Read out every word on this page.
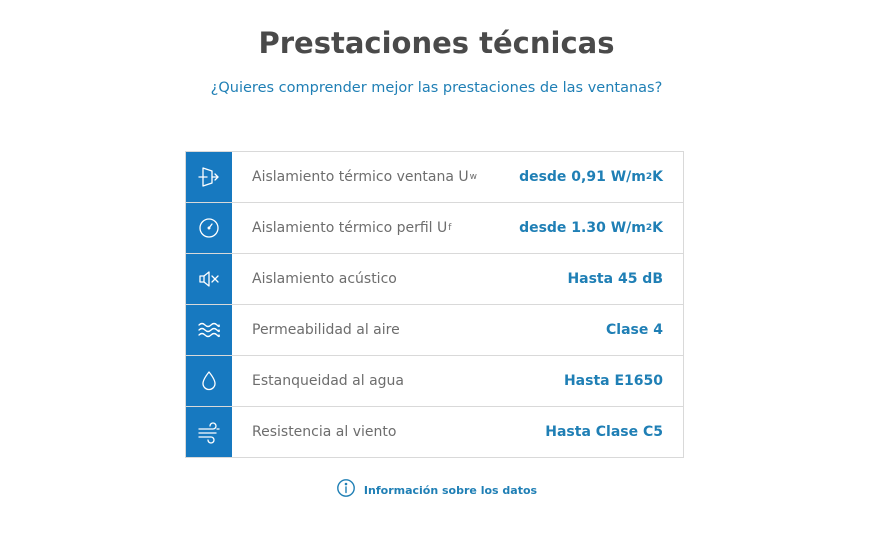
Prestaciones técnicas
¿Quieres comprender mejor las prestaciones de las ventanas?
Aislamiento térmico ventana U w	desde 0,91 W/m 2 K
Aislamiento térmico perfil U f	desde 1.30 W/m 2 K
Aislamiento acústico	Hasta 45 dB
Permeabilidad al aire	Clase 4
Estanqueidad al agua	Hasta E1650
Resistencia al viento	Hasta Clase C5
Información sobre los datos
